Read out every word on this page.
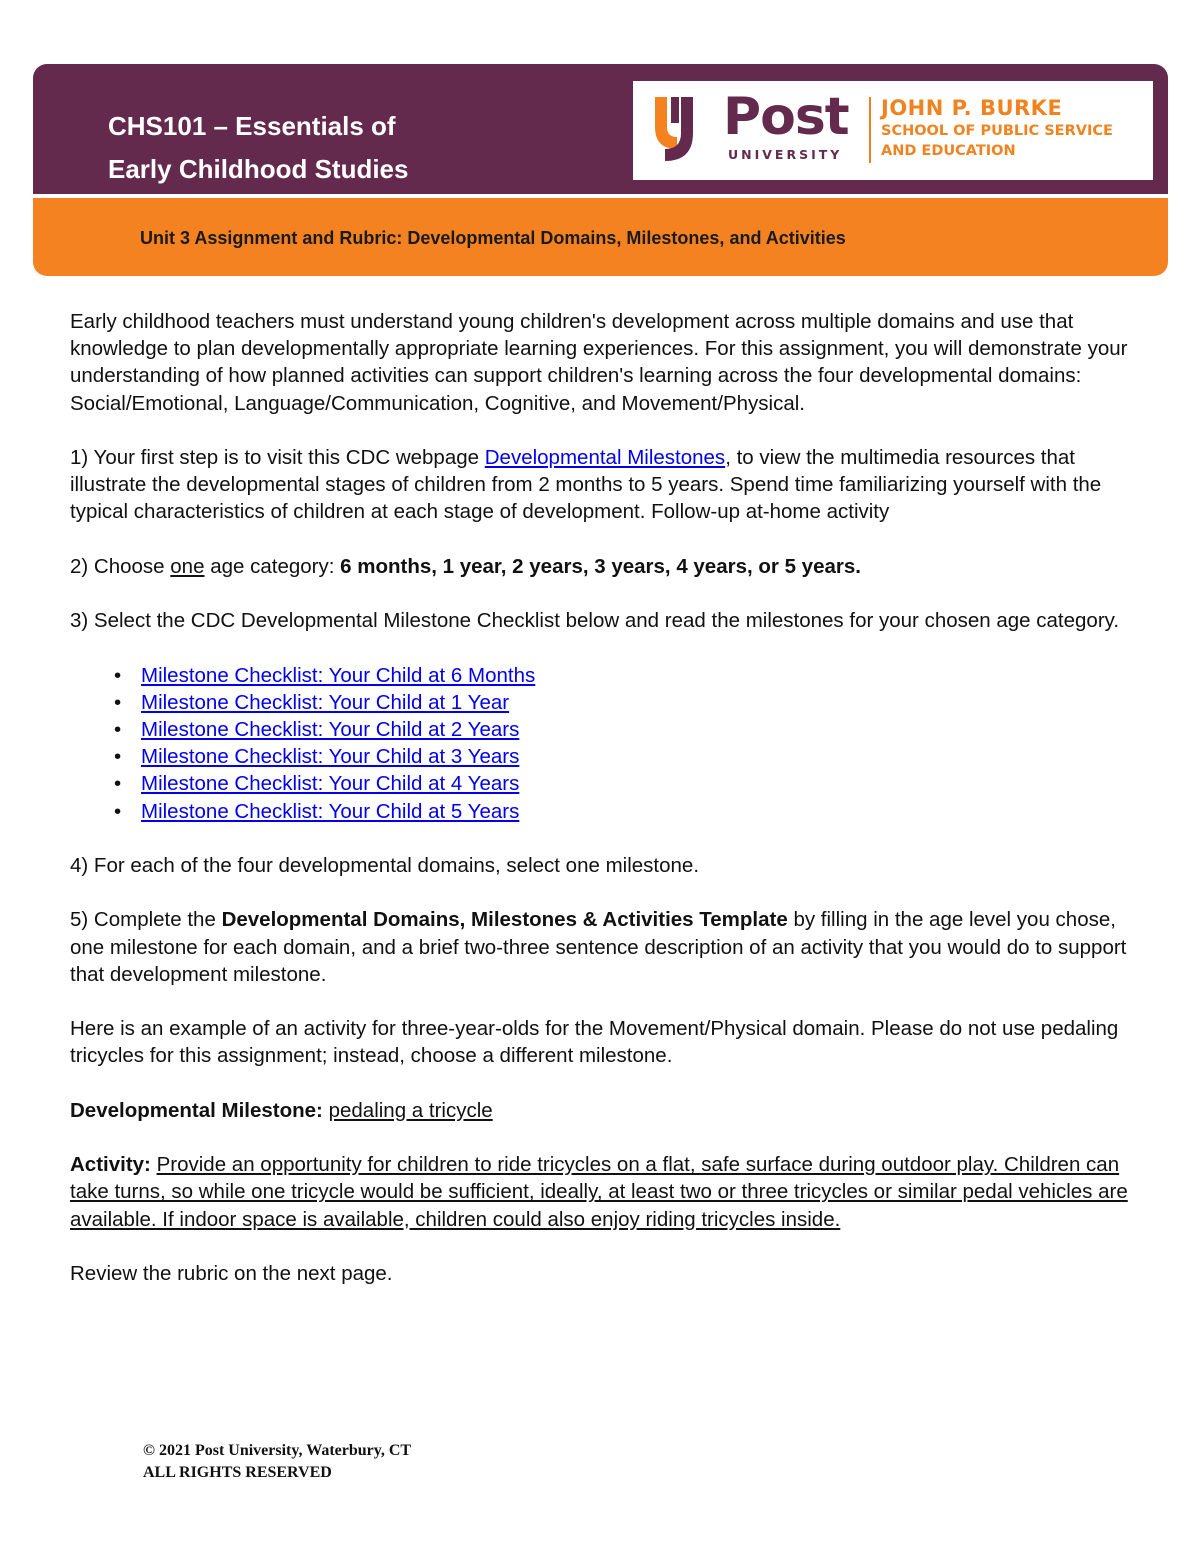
CHS101 – Essentials of
Early Childhood Studies
Post
UNIVERSITY
JOHN P. BURKE
SCHOOL OF PUBLIC SERVICE
AND EDUCATION
Unit 3 Assignment and Rubric: Developmental Domains, Milestones, and Activities

Early childhood teachers must understand young children's development across multiple domains and use that knowledge to plan developmentally appropriate learning experiences. For this assignment, you will demonstrate your understanding of how planned activities can support children's learning across the four developmental domains: Social/Emotional, Language/Communication, Cognitive, and Movement/Physical.

1) Your first step is to visit this CDC webpage Developmental Milestones, to view the multimedia resources that illustrate the developmental stages of children from 2 months to 5 years. Spend time familiarizing yourself with the typical characteristics of children at each stage of development. Follow-up at-home activity

2) Choose one age category: 6 months, 1 year, 2 years, 3 years, 4 years, or 5 years.

3) Select the CDC Developmental Milestone Checklist below and read the milestones for your chosen age category.

• Milestone Checklist: Your Child at 6 Months
• Milestone Checklist: Your Child at 1 Year
• Milestone Checklist: Your Child at 2 Years
• Milestone Checklist: Your Child at 3 Years
• Milestone Checklist: Your Child at 4 Years
• Milestone Checklist: Your Child at 5 Years

4) For each of the four developmental domains, select one milestone.

5) Complete the Developmental Domains, Milestones & Activities Template by filling in the age level you chose, one milestone for each domain, and a brief two-three sentence description of an activity that you would do to support that development milestone.

Here is an example of an activity for three-year-olds for the Movement/Physical domain. Please do not use pedaling tricycles for this assignment; instead, choose a different milestone.

Developmental Milestone: pedaling a tricycle

Activity: Provide an opportunity for children to ride tricycles on a flat, safe surface during outdoor play. Children can take turns, so while one tricycle would be sufficient, ideally, at least two or three tricycles or similar pedal vehicles are available. If indoor space is available, children could also enjoy riding tricycles inside.

Review the rubric on the next page.

© 2021 Post University, Waterbury, CT
ALL RIGHTS RESERVED
